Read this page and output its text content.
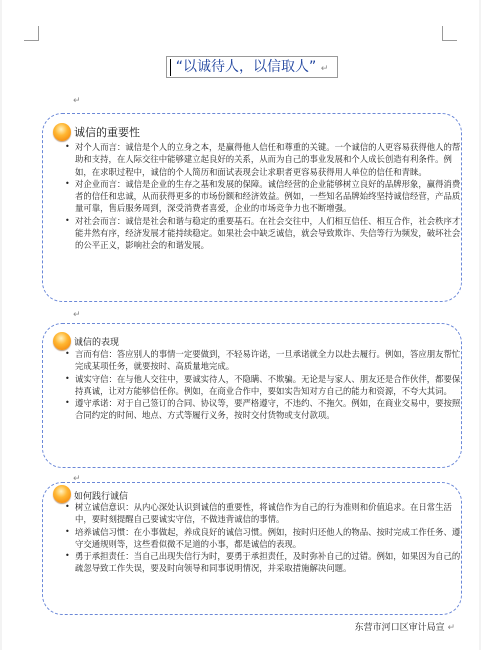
“以诚待人，以信取人” ↵
↵
诚信的重要性
• 对个人而言：诚信是个人的立身之本，是赢得他人信任和尊重的关键。一个诚信的人更容易获得他人的帮助和支持，在人际交往中能够建立起良好的关系，从而为自己的事业发展和个人成长创造有利条件。例如，在求职过程中，诚信的个人简历和面试表现会让求职者更容易获得用人单位的信任和青睐。
• 对企业而言：诚信是企业的生存之基和发展的保障。诚信经营的企业能够树立良好的品牌形象，赢得消费者的信任和忠诚，从而获得更多的市场份额和经济效益。例如，一些知名品牌始终坚持诚信经营，产品质量可靠，售后服务周到，深受消费者喜爱，企业的市场竞争力也不断增强。
• 对社会而言：诚信是社会和谐与稳定的重要基石。在社会交往中，人们相互信任、相互合作，社会秩序才能井然有序，经济发展才能持续稳定。如果社会中缺乏诚信，就会导致欺诈、失信等行为频发，破坏社会的公平正义，影响社会的和谐发展。
↵
诚信的表现
• 言而有信：答应别人的事情一定要做到，不轻易许诺，一旦承诺就全力以赴去履行。例如，答应朋友帮忙完成某项任务，就要按时、高质量地完成。
• 诚实守信：在与他人交往中，要诚实待人，不隐瞒、不欺骗。无论是与家人、朋友还是合作伙伴，都要保持真诚，让对方能够信任你。例如，在商业合作中，要如实告知对方自己的能力和资源，不夸大其词。
• 遵守承诺：对于自己签订的合同、协议等，要严格遵守，不违约、不拖欠。例如，在商业交易中，要按照合同约定的时间、地点、方式等履行义务，按时交付货物或支付款项。
↵
如何践行诚信
• 树立诚信意识：从内心深处认识到诚信的重要性，将诚信作为自己的行为准则和价值追求。在日常生活中，要时刻提醒自己要诚实守信，不做违背诚信的事情。
• 培养诚信习惯：在小事做起，养成良好的诚信习惯。例如，按时归还他人的物品、按时完成工作任务、遵守交通规则等，这些看似微不足道的小事，都是诚信的表现。
• 勇于承担责任：当自己出现失信行为时，要勇于承担责任，及时弥补自己的过错。例如，如果因为自己的疏忽导致工作失误，要及时向领导和同事说明情况，并采取措施解决问题。
东营市河口区审计局宣 ↵
